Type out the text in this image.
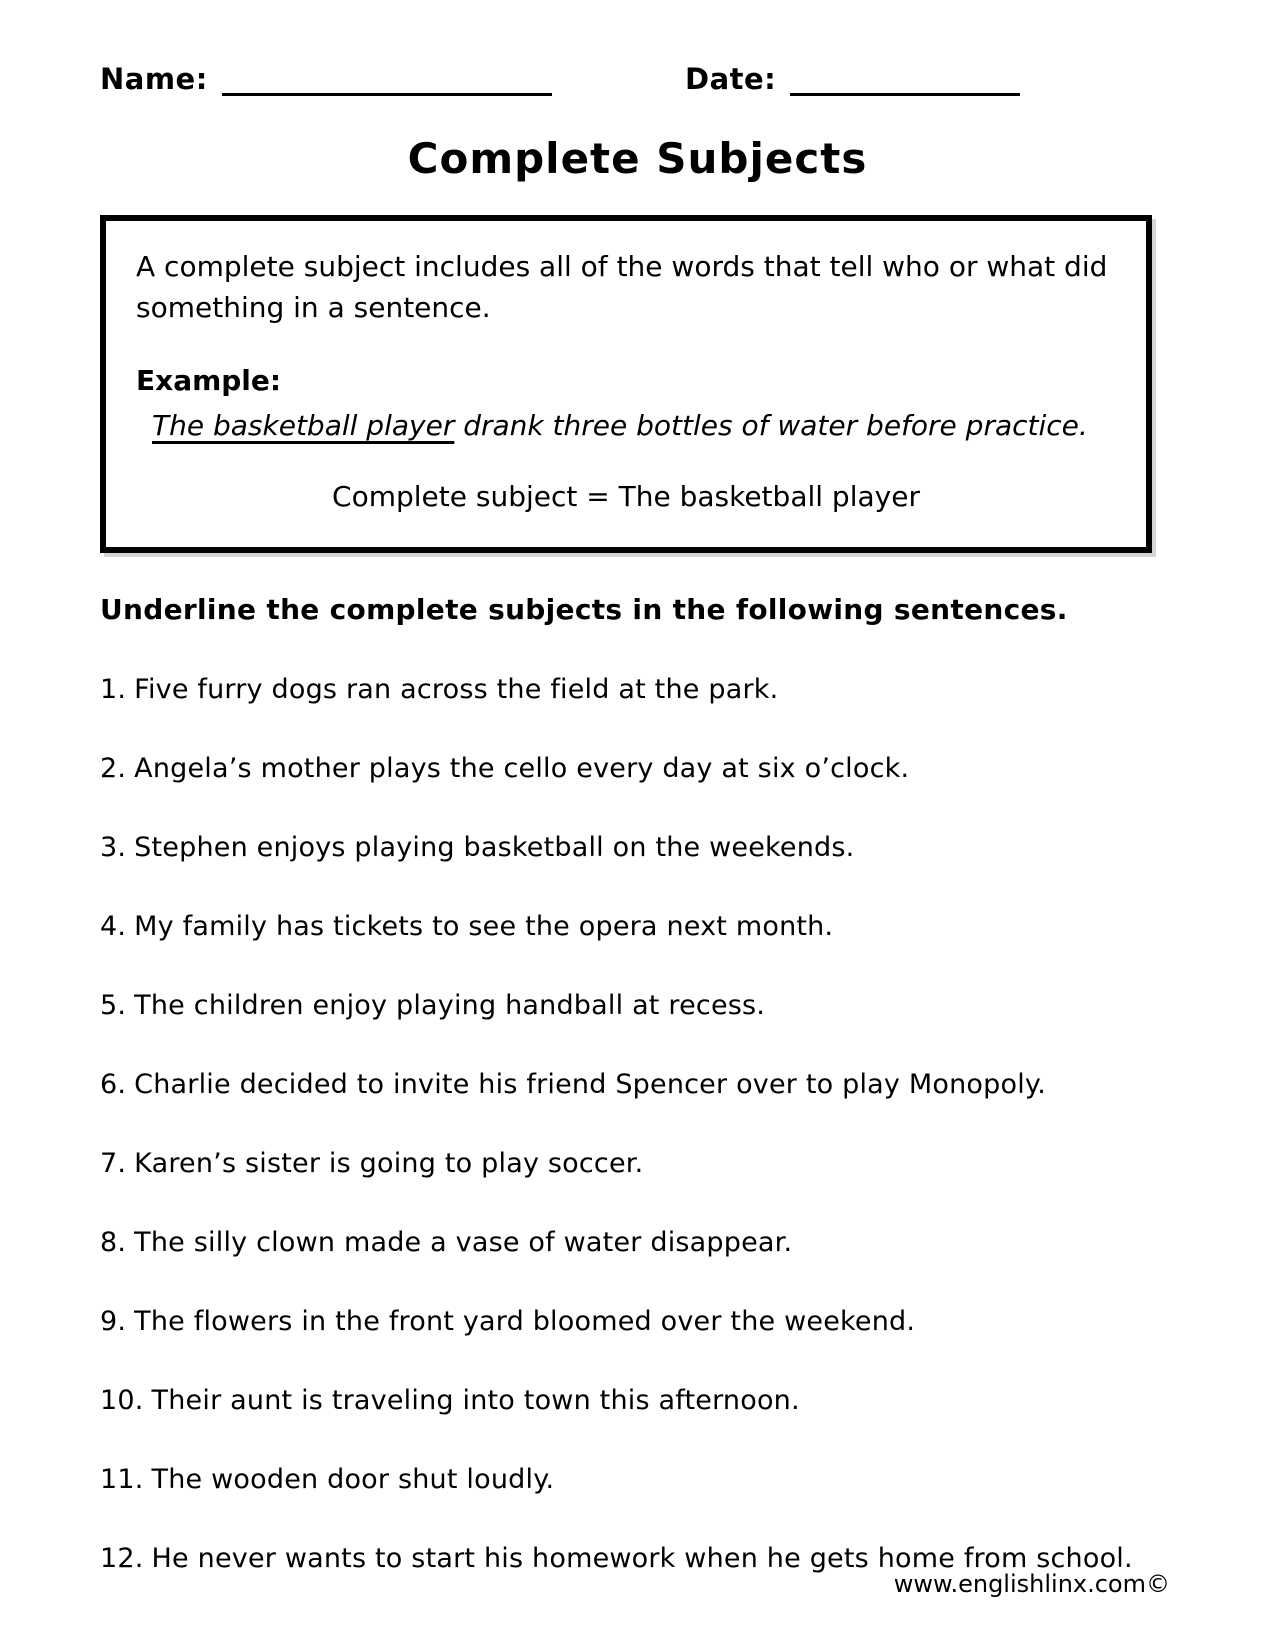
Name:	Date:
Complete Subjects

A complete subject includes all of the words that tell who or what did something in a sentence.

Example:

The basketball player drank three bottles of water before practice.

Complete subject = The basketball player

Underline the complete subjects in the following sentences.

1. Five furry dogs ran across the field at the park.
2. Angela’s mother plays the cello every day at six o’clock.
3. Stephen enjoys playing basketball on the weekends.
4. My family has tickets to see the opera next month.
5. The children enjoy playing handball at recess.
6. Charlie decided to invite his friend Spencer over to play Monopoly.
7. Karen’s sister is going to play soccer.
8. The silly clown made a vase of water disappear.
9. The flowers in the front yard bloomed over the weekend.
10. Their aunt is traveling into town this afternoon.
11. The wooden door shut loudly.
12. He never wants to start his homework when he gets home from school.
www.englishlinx.com©
